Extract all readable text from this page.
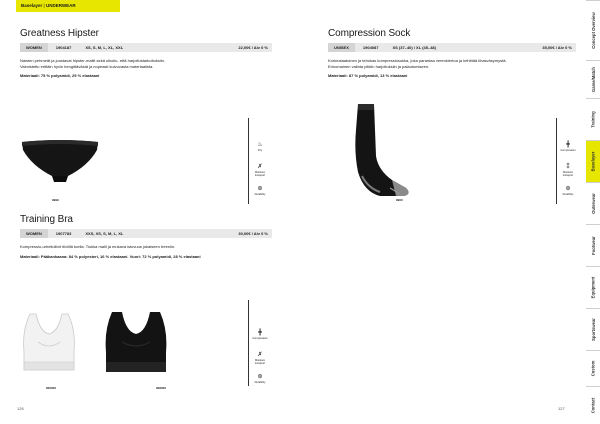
Baselayer | UNDERWEAR
Greatness Hipster
WOMEN	1904187	XS, S, M, L, XL, XXL	22,00€ / Alv 0 %
Naisten pehmeät ja joustavat hipster-mallit sekä ulkoilu- että harjoitustarkoituksiin.
Valmistettu erittäin hyvin hengittävästä ja nopeasti kuivuvasta materiaalista.
Materiaali: 75 % polyamidi, 25 % elastaani
9999
♨
Dry
✗
Moisture transport
⊛
Durability
Compression Sock
UNISEX	1904087	XS (37–40) / XL (45–48)	35,00€ / Alv 0 %
Korkealaatuinen ja tehokas kompressiosukka, joka parantaa verenkiertoa ja kehittää lihasväsymystä.
Erinomainen valinta pitkiin harjoituksiin ja palautumiseen.
Materiaali: 87 % polyamidi, 13 % elastaani
9900
╋
Compression
⁑
Moisture transport
⊛
Durability
Training Bra
WOMEN	1907783	XXS, XS, S, M, L, XL	30,00€ / Alv 0 %
Kompressio-urheiluliivit tiiviillä tuella. Tiukka malli ja mukava istuvuus jokaiseen treeniin.
Materiaali: Pääkankaana: 84 % polyesteri, 16 % elastaani. Vuori: 72 % polyamidi, 28 % elastaani
900000	999000
╋
Compression
✗
Moisture transport
⊛
Durability
126	127
Concept Overview
Game/Match
Training
Baselayer
Outerwear
Footwear
Equipment
Sportswear
Custom
Contact
